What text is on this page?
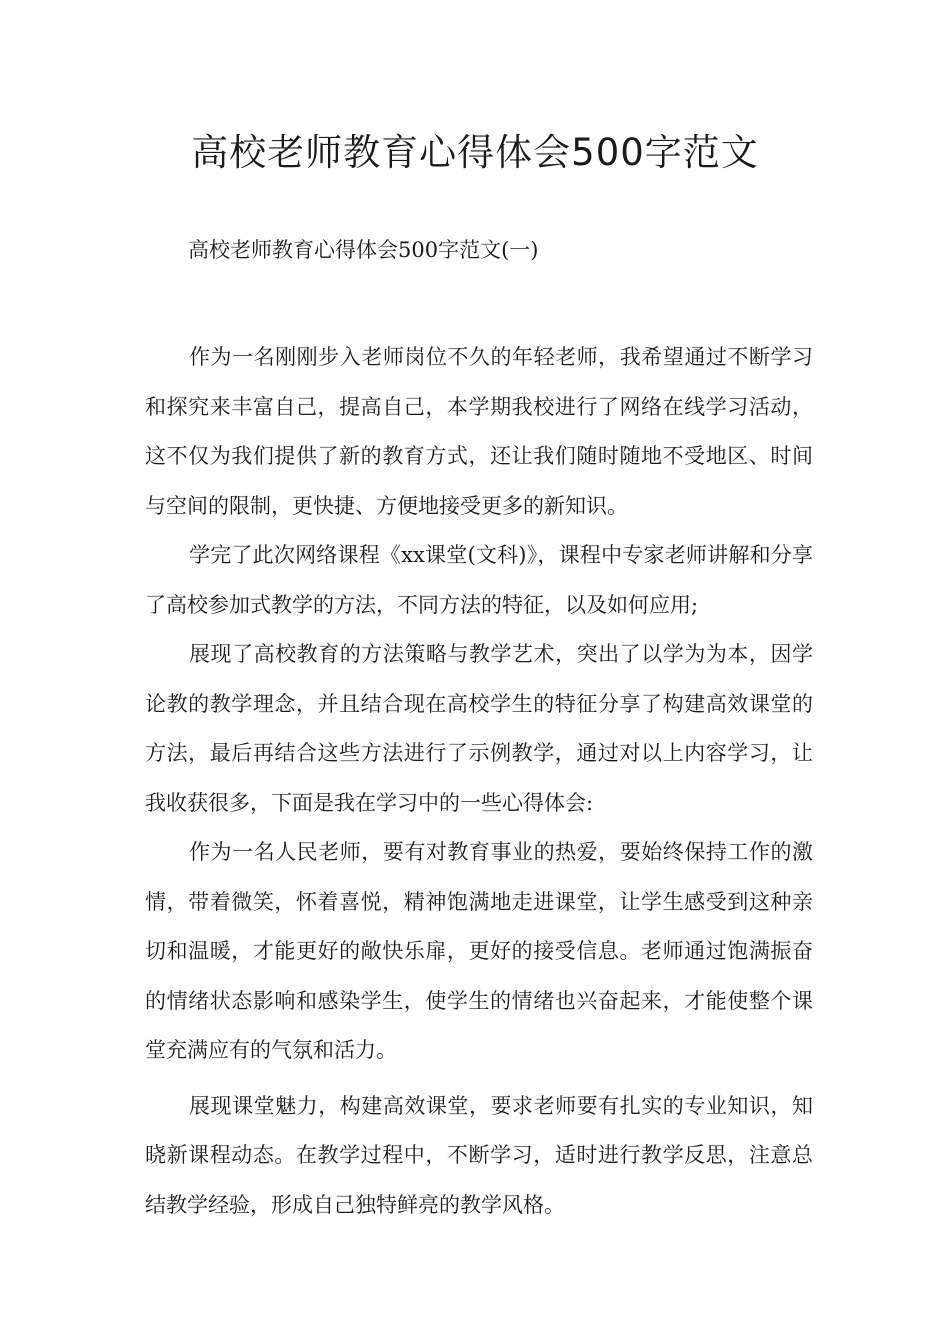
高校老师教育心得体会500字范文

高校老师教育心得体会500字范文(一)

作为一名刚刚步入老师岗位不久的年轻老师，我希望通过不断学习和探究来丰富自己，提高自己，本学期我校进行了网络在线学习活动，这不仅为我们提供了新的教育方式，还让我们随时随地不受地区、时间与空间的限制，更快捷、方便地接受更多的新知识。

学完了此次网络课程《xx课堂(文科)》，课程中专家老师讲解和分享了高校参加式教学的方法，不同方法的特征，以及如何应用;

展现了高校教育的方法策略与教学艺术，突出了以学为为本，因学论教的教学理念，并且结合现在高校学生的特征分享了构建高效课堂的方法，最后再结合这些方法进行了示例教学，通过对以上内容学习，让我收获很多，下面是我在学习中的一些心得体会:

作为一名人民老师，要有对教育事业的热爱，要始终保持工作的激情，带着微笑，怀着喜悦，精神饱满地走进课堂，让学生感受到这种亲切和温暖，才能更好的敞快乐扉，更好的接受信息。老师通过饱满振奋的情绪状态影响和感染学生，使学生的情绪也兴奋起来，才能使整个课堂充满应有的气氛和活力。

展现课堂魅力，构建高效课堂，要求老师要有扎实的专业知识，知晓新课程动态。在教学过程中，不断学习，适时进行教学反思，注意总结教学经验，形成自己独特鲜亮的教学风格。
